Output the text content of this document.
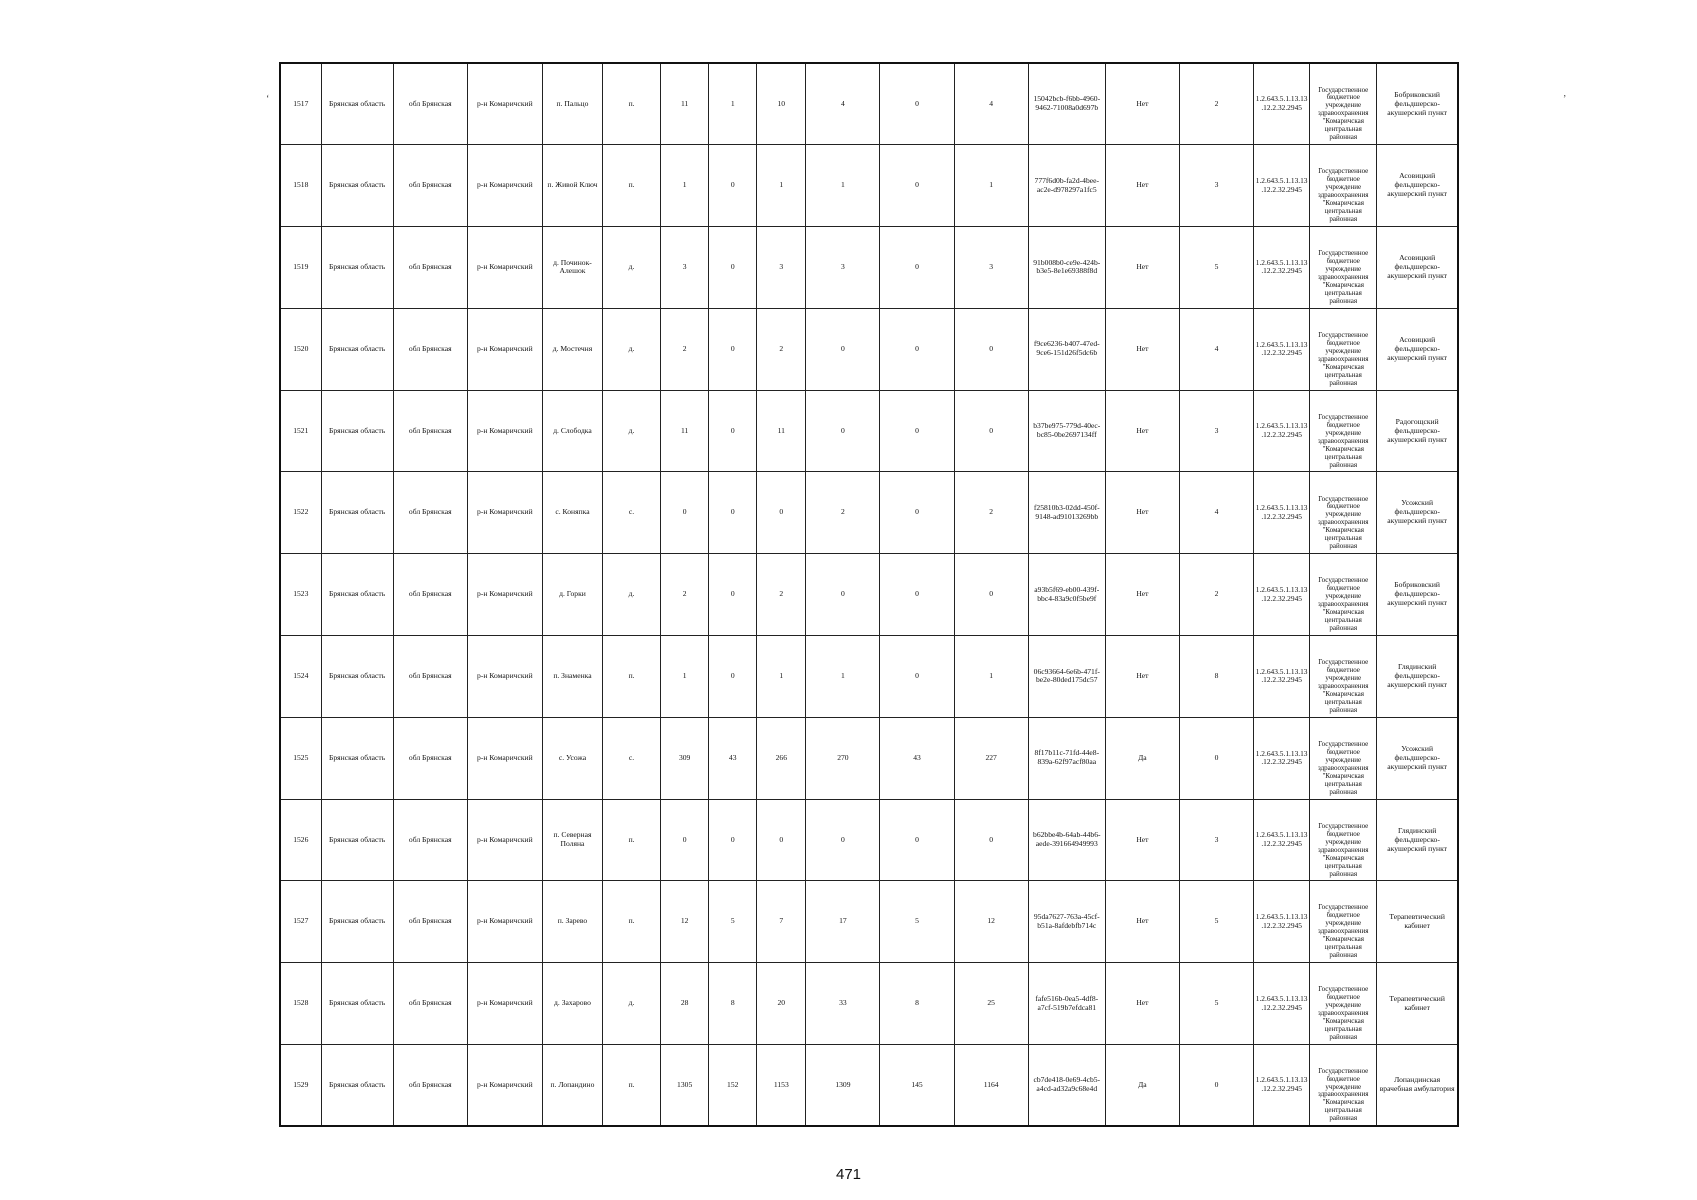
‘	’
1517	Брянская область	обл Брянская	р-н Комаричский	п. Пальцо	п.	11	1	10	4	0	4	15042bcb-f6bb-4960-9462-71008a0d697b	Нет	2	1.2.643.5.1.13.13.12.2.32.2945	Государственное бюджетное учреждение здравоохранения "Комаричская центральная районная	Бобриковский фельдшерско-акушерский пункт
1518	Брянская область	обл Брянская	р-н Комаричский	п. Живой Ключ	п.	1	0	1	1	0	1	777f6d0b-fa2d-4bee-ac2e-d978297a1fc5	Нет	3	1.2.643.5.1.13.13.12.2.32.2945	Государственное бюджетное учреждение здравоохранения "Комаричская центральная районная	Асовицкий фельдшерско-акушерский пункт
1519	Брянская область	обл Брянская	р-н Комаричский	д. Починок-Алешок	д.	3	0	3	3	0	3	91b008b0-ce9e-424b-b3e5-8e1e69388f8d	Нет	5	1.2.643.5.1.13.13.12.2.32.2945	Государственное бюджетное учреждение здравоохранения "Комаричская центральная районная	Асовицкий фельдшерско-акушерский пункт
1520	Брянская область	обл Брянская	р-н Комаричский	д. Мостечня	д.	2	0	2	0	0	0	f9ce6236-b407-47ed-9ce6-151d26f5dc6b	Нет	4	1.2.643.5.1.13.13.12.2.32.2945	Государственное бюджетное учреждение здравоохранения "Комаричская центральная районная	Асовицкий фельдшерско-акушерский пункт
1521	Брянская область	обл Брянская	р-н Комаричский	д. Слободка	д.	11	0	11	0	0	0	b37be975-779d-40ec-bc85-0be2697134ff	Нет	3	1.2.643.5.1.13.13.12.2.32.2945	Государственное бюджетное учреждение здравоохранения "Комаричская центральная районная	Радогощский фельдшерско-акушерский пункт
1522	Брянская область	обл Брянская	р-н Комаричский	с. Коняпка	с.	0	0	0	2	0	2	f25810b3-02dd-450f-9148-ad91013269bb	Нет	4	1.2.643.5.1.13.13.12.2.32.2945	Государственное бюджетное учреждение здравоохранения "Комаричская центральная районная	Усожский фельдшерско-акушерский пункт
1523	Брянская область	обл Брянская	р-н Комаричский	д. Горки	д.	2	0	2	0	0	0	a93b5f69-eb00-439f-bbc4-83a9c0f5be9f	Нет	2	1.2.643.5.1.13.13.12.2.32.2945	Государственное бюджетное учреждение здравоохранения "Комаричская центральная районная	Бобриковский фельдшерско-акушерский пункт
1524	Брянская область	обл Брянская	р-н Комаричский	п. Знаменка	п.	1	0	1	1	0	1	06c93664-6e6b-471f-be2e-80ded175dc57	Нет	8	1.2.643.5.1.13.13.12.2.32.2945	Государственное бюджетное учреждение здравоохранения "Комаричская центральная районная	Глядинский фельдшерско-акушерский пункт
1525	Брянская область	обл Брянская	р-н Комаричский	с. Усожа	с.	309	43	266	270	43	227	8f17b11c-71fd-44e8-839a-62f97acf80aa	Да	0	1.2.643.5.1.13.13.12.2.32.2945	Государственное бюджетное учреждение здравоохранения "Комаричская центральная районная	Усожский фельдшерско-акушерский пункт
1526	Брянская область	обл Брянская	р-н Комаричский	п. Северная Поляна	п.	0	0	0	0	0	0	b62bbe4b-64ab-44b6-aede-391664949993	Нет	3	1.2.643.5.1.13.13.12.2.32.2945	Государственное бюджетное учреждение здравоохранения "Комаричская центральная районная	Глядинский фельдшерско-акушерский пункт
1527	Брянская область	обл Брянская	р-н Комаричский	п. Зарево	п.	12	5	7	17	5	12	95da7627-763a-45cf-b51a-8afdebfb714c	Нет	5	1.2.643.5.1.13.13.12.2.32.2945	Государственное бюджетное учреждение здравоохранения "Комаричская центральная районная	Терапевтический кабинет
1528	Брянская область	обл Брянская	р-н Комаричский	д. Захарово	д.	28	8	20	33	8	25	fafe516b-0ea5-4df8-a7cf-519b7efdca81	Нет	5	1.2.643.5.1.13.13.12.2.32.2945	Государственное бюджетное учреждение здравоохранения "Комаричская центральная районная	Терапевтический кабинет
1529	Брянская область	обл Брянская	р-н Комаричский	п. Лопандино	п.	1305	152	1153	1309	145	1164	cb7de418-0e69-4cb5-a4cd-ad32a9c68e4d	Да	0	1.2.643.5.1.13.13.12.2.32.2945	Государственное бюджетное учреждение здравоохранения "Комаричская центральная районная	Лопандинская врачебная амбулатория
471
